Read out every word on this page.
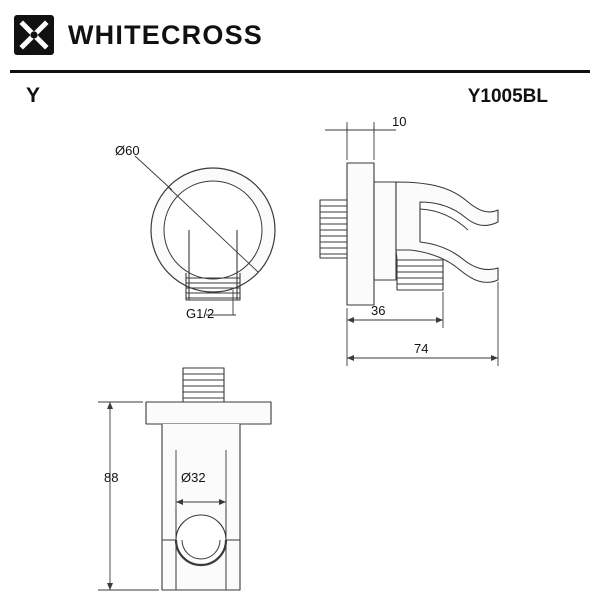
WHITECROSS
Y	Y1005BL
Ø60
G1/2
10
36
74
88	Ø32
